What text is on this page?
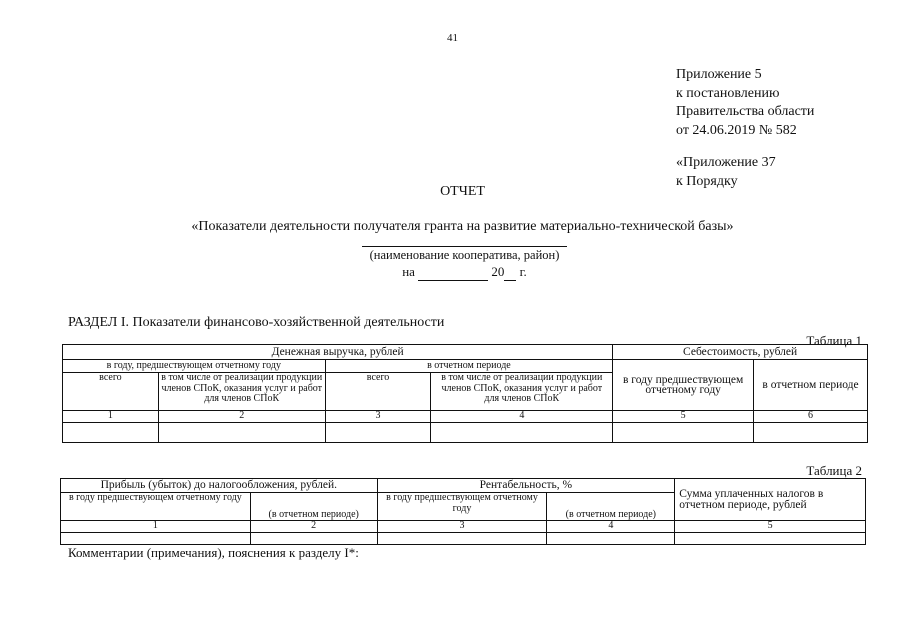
41
Приложение 5
к постановлению
Правительства области
от 24.06.2019 № 582
«Приложение 37
к Порядку
ОТЧЕТ
«Показатели деятельности получателя гранта на развитие материально-технической базы»
(наименование кооператива, район)
на	20 г.
РАЗДЕЛ I. Показатели финансово-хозяйственной деятельности
Таблица 1
Денежная выручка, рублей				Себестоимость, рублей	
в году, предшествующем отчетному году		в отчетном периоде		в году предшествующем отчетному году	в отчетном периоде
всего	в том числе от реализации продукции членов СПоК, оказания услуг и работ для членов СПоК	всего	в том числе от реализации продукции членов СПоК, оказания услуг и работ для членов СПоК		
1	2	3	4	5	6

Таблица 2
Прибыль (убыток) до налогообложения, рублей.		Рентабельность, %		Сумма уплаченных налогов в отчетном периоде, рублей
в году предшествующем отчетному году	(в отчетном периоде)	в году предшествующем отчетному году	(в отчетном периоде)	
1	2	3	4	5

Комментарии (примечания), пояснения к разделу I*:
